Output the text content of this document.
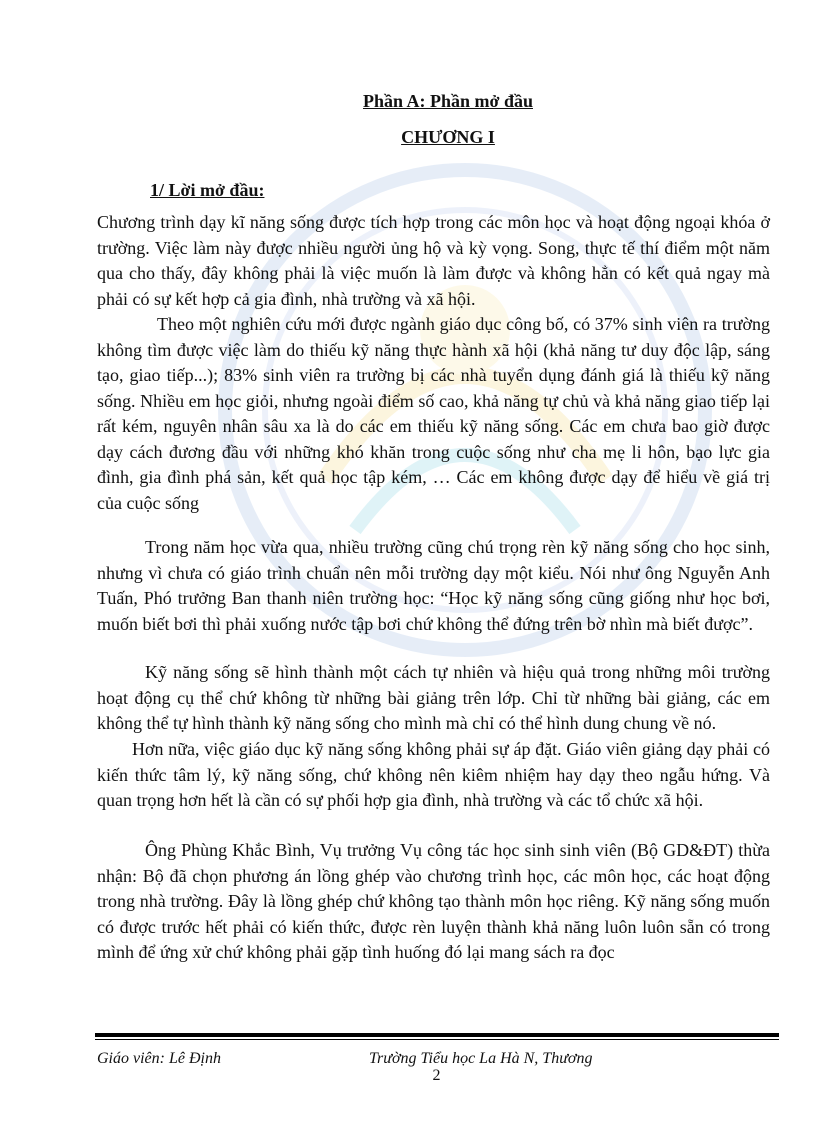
Phần A: Phần mở đầu
CHƯƠNG I
1/ Lời mở đầu:

Chương trình dạy kĩ năng sống được tích hợp trong các môn học và hoạt động ngoại khóa ở trường. Việc làm này được nhiều người ủng hộ và kỳ vọng. Song, thực tế thí điểm một năm qua cho thấy, đây không phải là việc muốn là làm được và không hẳn có kết quả ngay mà phải có sự kết hợp cả gia đình, nhà trường và xã hội.

Theo một nghiên cứu mới được ngành giáo dục công bố, có 37% sinh viên ra trường không tìm được việc làm do thiếu kỹ năng thực hành xã hội (khả năng tư duy độc lập, sáng tạo, giao tiếp...); 83% sinh viên ra trường bị các nhà tuyển dụng đánh giá là thiếu kỹ năng sống. Nhiều em học giỏi, nhưng ngoài điểm số cao, khả năng tự chủ và khả năng giao tiếp lại rất kém, nguyên nhân sâu xa là do các em thiếu kỹ năng sống. Các em chưa bao giờ được dạy cách đương đầu với những khó khăn trong cuộc sống như cha mẹ li hôn, bạo lực gia đình, gia đình phá sản, kết quả học tập kém, … Các em không được dạy để hiểu về giá trị của cuộc sống

Trong năm học vừa qua, nhiều trường cũng chú trọng rèn kỹ năng sống cho học sinh, nhưng vì chưa có giáo trình chuẩn nên mỗi trường dạy một kiểu. Nói như ông Nguyễn Anh Tuấn, Phó trưởng Ban thanh niên trường học: “Học kỹ năng sống cũng giống như học bơi, muốn biết bơi thì phải xuống nước tập bơi chứ không thể đứng trên bờ nhìn mà biết được”.

Kỹ năng sống sẽ hình thành một cách tự nhiên và hiệu quả trong những môi trường hoạt động cụ thể chứ không từ những bài giảng trên lớp. Chỉ từ những bài giảng, các em không thể tự hình thành kỹ năng sống cho mình mà chỉ có thể hình dung chung về nó.

Hơn nữa, việc giáo dục kỹ năng sống không phải sự áp đặt. Giáo viên giảng dạy phải có kiến thức tâm lý, kỹ năng sống, chứ không nên kiêm nhiệm hay dạy theo ngẫu hứng. Và quan trọng hơn hết là cần có sự phối hợp gia đình, nhà trường và các tổ chức xã hội.

Ông Phùng Khắc Bình, Vụ trưởng Vụ công tác học sinh sinh viên (Bộ GD&ĐT) thừa nhận: Bộ đã chọn phương án lồng ghép vào chương trình học, các môn học, các hoạt động trong nhà trường. Đây là lồng ghép chứ không tạo thành môn học riêng. Kỹ năng sống muốn có được trước hết phải có kiến thức, được rèn luyện thành khả năng luôn luôn sẵn có trong mình để ứng xử chứ không phải gặp tình huống đó lại mang sách ra đọc

Giáo viên: Lê Định	Trường Tiểu học La Hà N, Thương
2
